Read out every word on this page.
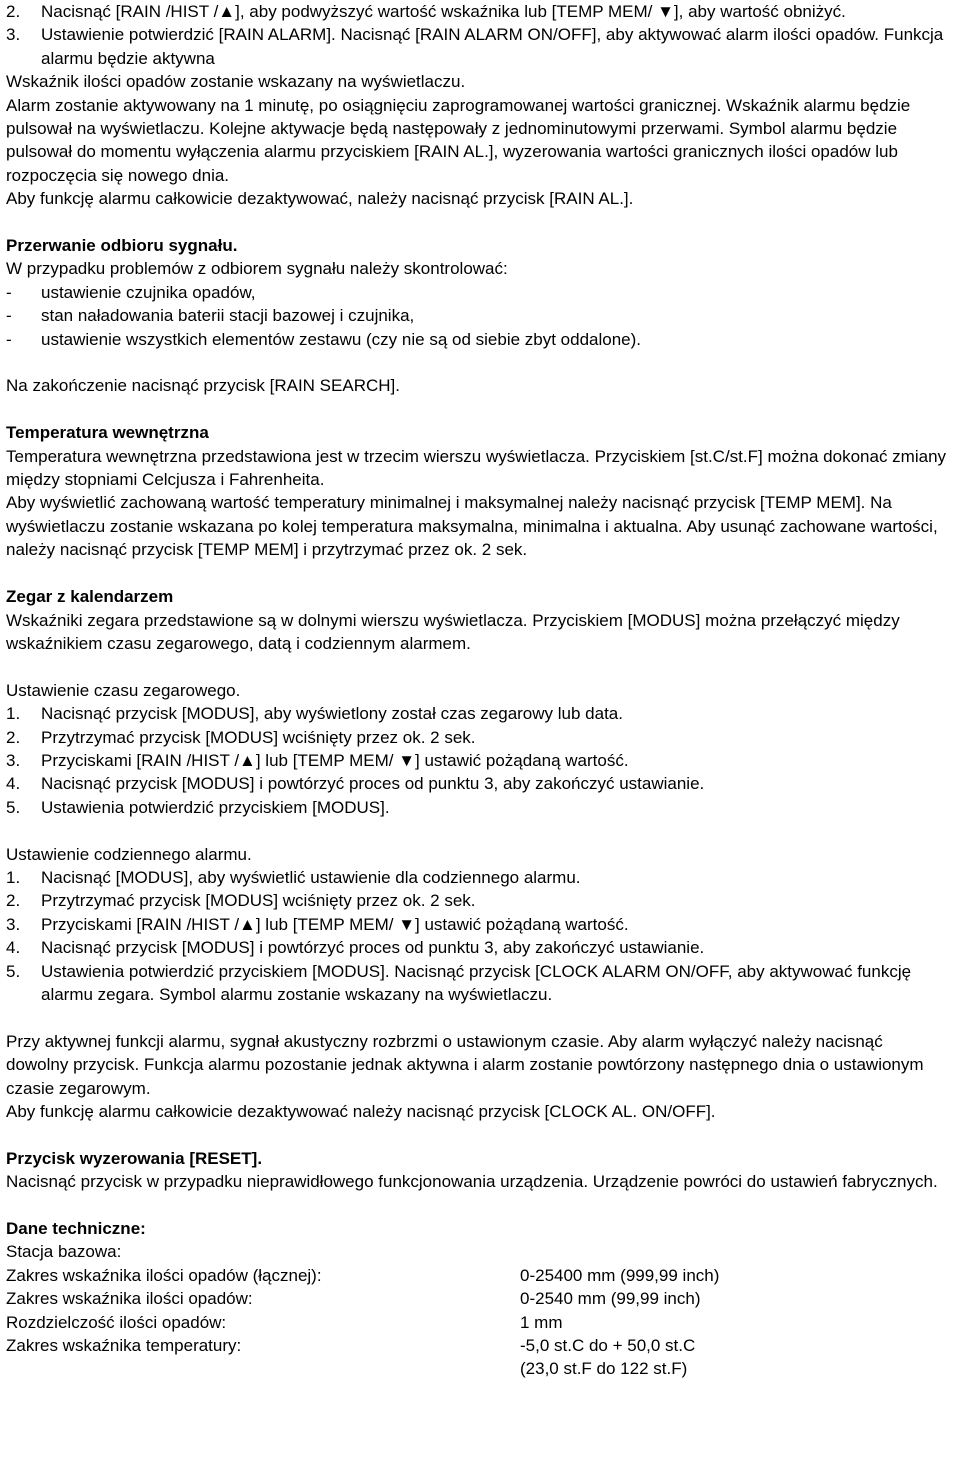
2.	Nacisnąć [RAIN /HIST /▲], aby podwyższyć wartość wskaźnika lub [TEMP MEM/ ▼], aby wartość obniżyć.
3.	Ustawienie potwierdzić [RAIN ALARM]. Nacisnąć [RAIN ALARM ON/OFF], aby aktywować alarm ilości opadów. Funkcja alarmu będzie aktywna

Wskaźnik ilości opadów zostanie wskazany na wyświetlaczu.

Alarm zostanie aktywowany na 1 minutę, po osiągnięciu zaprogramowanej wartości granicznej. Wskaźnik alarmu będzie pulsował na wyświetlaczu. Kolejne aktywacje będą następowały z jednominutowymi przerwami. Symbol alarmu będzie pulsował do momentu wyłączenia alarmu przyciskiem [RAIN AL.], wyzerowania wartości granicznych ilości opadów lub rozpoczęcia się nowego dnia.

Aby funkcję alarmu całkowicie dezaktywować, należy nacisnąć przycisk [RAIN AL.].

Przerwanie odbioru sygnału.

W przypadku problemów z odbiorem sygnału należy skontrolować:

-	ustawienie czujnika opadów,
-	stan naładowania baterii stacji bazowej i czujnika,
-	ustawienie wszystkich elementów zestawu (czy nie są od siebie zbyt oddalone).

Na zakończenie nacisnąć przycisk [RAIN SEARCH].

Temperatura wewnętrzna

Temperatura wewnętrzna przedstawiona jest w trzecim wierszu wyświetlacza. Przyciskiem [st.C/st.F] można dokonać zmiany między stopniami Celcjusza i Fahrenheita.

Aby wyświetlić zachowaną wartość temperatury minimalnej i maksymalnej należy nacisnąć przycisk [TEMP MEM]. Na wyświetlaczu zostanie wskazana po kolej temperatura maksymalna, minimalna i aktualna. Aby usunąć zachowane wartości, należy nacisnąć przycisk [TEMP MEM] i przytrzymać przez ok. 2 sek.

Zegar z kalendarzem

Wskaźniki zegara przedstawione są w dolnymi wierszu wyświetlacza. Przyciskiem [MODUS] można przełączyć między wskaźnikiem czasu zegarowego, datą i codziennym alarmem.

Ustawienie czasu zegarowego.

1.	Nacisnąć przycisk [MODUS], aby wyświetlony został czas zegarowy lub data.
2.	Przytrzymać przycisk [MODUS] wciśnięty przez ok. 2 sek.
3.	Przyciskami [RAIN /HIST /▲] lub [TEMP MEM/ ▼] ustawić pożądaną wartość.
4.	Nacisnąć przycisk [MODUS] i powtórzyć proces od punktu 3, aby zakończyć ustawianie.
5.	Ustawienia potwierdzić przyciskiem [MODUS].

Ustawienie codziennego alarmu.

1.	Nacisnąć [MODUS], aby wyświetlić ustawienie dla codziennego alarmu.
2.	Przytrzymać przycisk [MODUS] wciśnięty przez ok. 2 sek.
3.	Przyciskami [RAIN /HIST /▲] lub [TEMP MEM/ ▼] ustawić pożądaną wartość.
4.	Nacisnąć przycisk [MODUS] i powtórzyć proces od punktu 3, aby zakończyć ustawianie.
5.	Ustawienia potwierdzić przyciskiem [MODUS]. Nacisnąć przycisk [CLOCK ALARM ON/OFF, aby aktywować funkcję alarmu zegara. Symbol alarmu zostanie wskazany na wyświetlaczu.

Przy aktywnej funkcji alarmu, sygnał akustyczny rozbrzmi o ustawionym czasie. Aby alarm wyłączyć należy nacisnąć dowolny przycisk. Funkcja alarmu pozostanie jednak aktywna i alarm zostanie powtórzony następnego dnia o ustawionym czasie zegarowym.

Aby funkcję alarmu całkowicie dezaktywować należy nacisnąć przycisk [CLOCK AL. ON/OFF].

Przycisk wyzerowania [RESET].

Nacisnąć przycisk w przypadku nieprawidłowego funkcjonowania urządzenia. Urządzenie powróci do ustawień fabrycznych.

Dane techniczne:

Stacja bazowa:

Zakres wskaźnika ilości opadów (łącznej):	0-25400 mm (999,99 inch)
Zakres wskaźnika ilości opadów:	0-2540 mm (99,99 inch)
Rozdzielczość ilości opadów:	1 mm
Zakres wskaźnika temperatury:	-5,0 st.C do + 50,0 st.C
(23,0 st.F do 122 st.F)
